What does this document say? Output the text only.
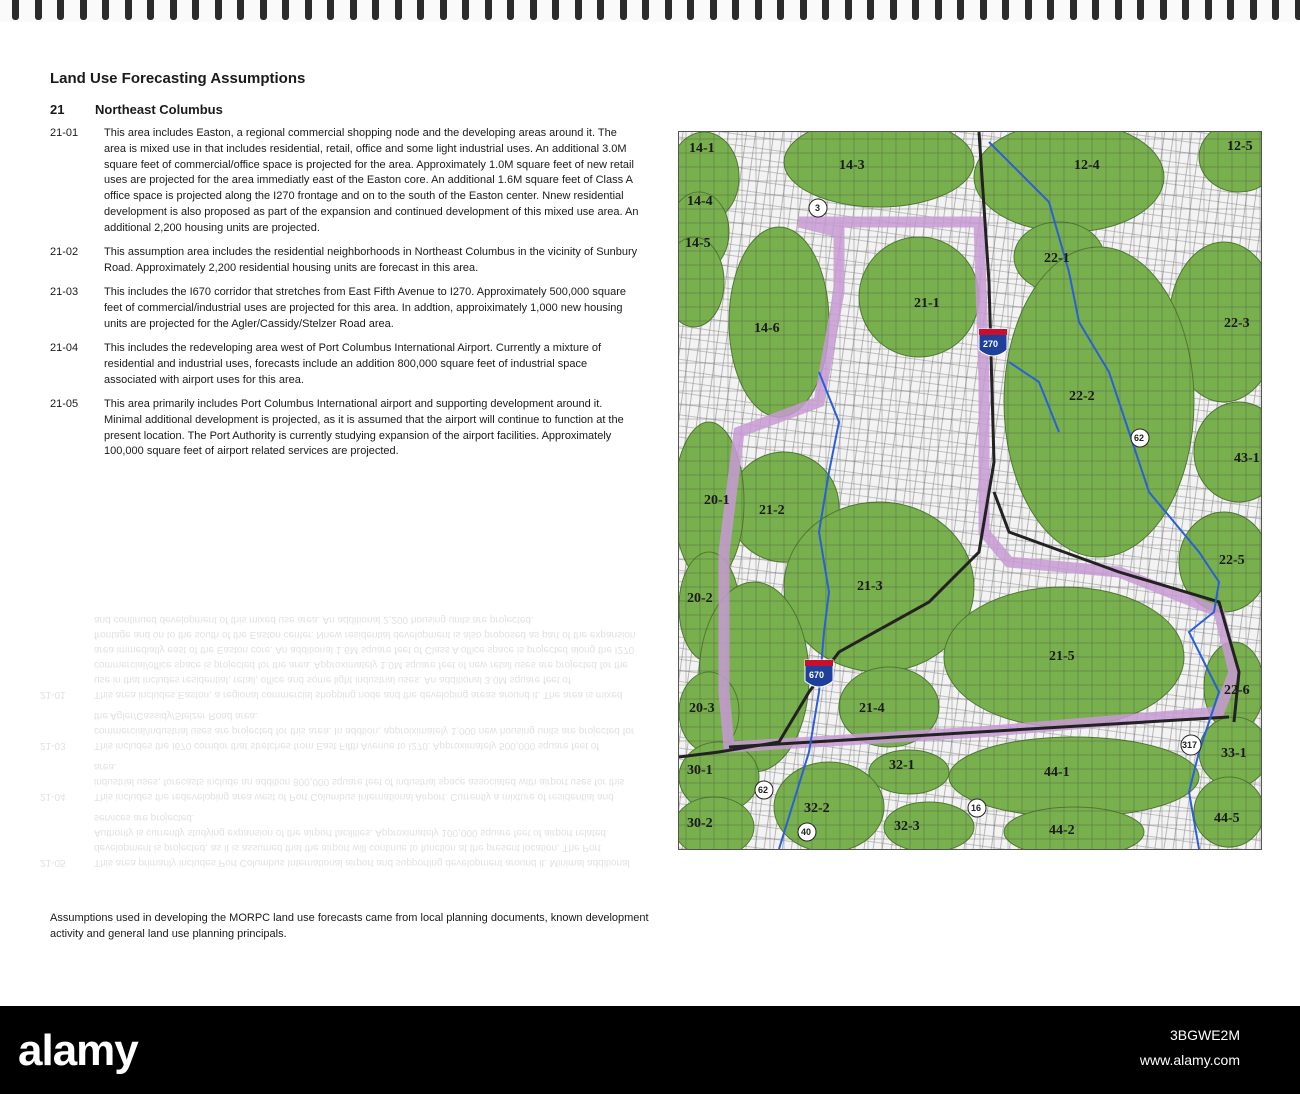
Land Use Forecasting Assumptions
21 Northeast Columbus
21-01	This area includes Easton, a regional commercial shopping node and the developing areas around it. The area is mixed use in that includes residential, retail, office and some light industrial uses. An additional 3.0M square feet of commercial/office space is projected for the area. Approximately 1.0M square feet of new retail uses are projected for the area immediatly east of the Easton core. An additional 1.6M square feet of Class A office space is projected along the I270 frontage and on to the south of the Easton center. Nnew residential development is also proposed as part of the expansion and continued development of this mixed use area. An additional 2,200 housing units are projected.
21-02	This assumption area includes the residential neighborhoods in Northeast Columbus in the vicinity of Sunbury Road. Approximately 2,200 residential housing units are forecast in this area.
21-03	This includes the I670 corridor that stretches from East Fifth Avenue to I270. Approximately 500,000 square feet of commercial/industrial uses are projected for this area. In addtion, approiximately 1,000 new housing units are projected for the Agler/Cassidy/Stelzer Road area.
21-04	This includes the redeveloping area west of Port Columbus International Airport. Currently a mixture of residential and industrial uses, forecasts include an addition 800,000 square feet of industrial space associated with airport uses for this area.
21-05	This area primarily includes Port Columbus International airport and supporting development around it. Minimal additional development is projected, as it is assumed that the airport will continue to function at the present location. The Port Authority is currently studying expansion of the airport facilities. Approximately 100,000 square feet of airport related services are projected.
21-05	This area primarily includes Port Columbus International airport and supporting development around it. Minimal additional development is projected, as it is assumed that the airport will continue to function at the present location. The Port Authority is currently studying expansion of the airport facilities. Approximately 100,000 square feet of airport related services are projected.
21-04	This includes the redeveloping area west of Port Columbus International Airport. Currently a mixture of residential and industrial uses, forecasts include an addition 800,000 square feet of industrial space associated with airport uses for this area.
21-03	This includes the I670 corridor that stretches from East Fifth Avenue to I270. Approximately 500,000 square feet of commercial/industrial uses are projected for this area. In addtion, approiximately 1,000 new housing units are projected for the Agler/Cassidy/Stelzer Road area.
21-01	This area includes Easton, a regional commercial shopping node and the developing areas around it. The area is mixed use in that includes residential, retail, office and some light industrial uses. An additional 3.0M square feet of commercial/office space is projected for the area. Approximately 1.0M square feet of new retail uses are projected for the area immediatly east of the Easton core. An additional 1.6M square feet of Class A office space is projected along the I270 frontage and on to the south of the Easton center. Nnew residential development is also proposed as part of the expansion and continued development of this mixed use area. An additional 2,200 housing units are projected.
14-1
14-3	12-4
12-5
14-4
14-5
22-1
21-1
14-6	22-3
22-2
43-1
21-2
20-1
22-5
21-3
20-2
21-5
22-6
21-4
20-3
33-1
32-1
30-1	44-1
32-2
44-5
30-2	32-3	44-2
270
670
3
62
62
317
16
40
Assumptions used in developing the MORPC land use forecasts came from local planning documents, known development activity and general land use planning principals.
alamy	3BGWE2M
www.alamy.com
